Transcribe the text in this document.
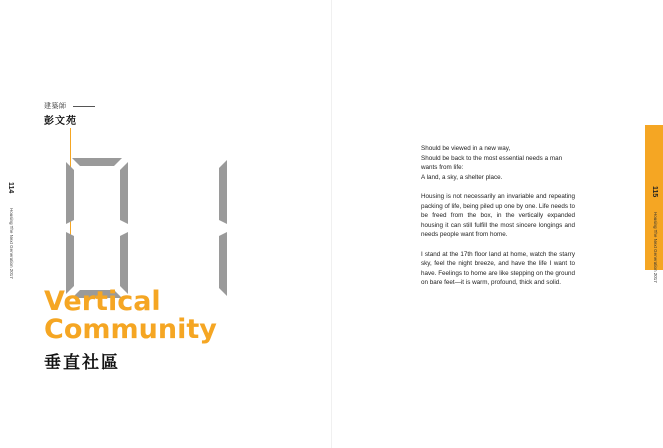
建築師
彭文苑
114
Housing The Next Generation 2017
Vertical
Community
垂直社區

Should be viewed in a new way,
Should be back to the most essential needs a man wants from life:
A land, a sky, a shelter place.

Housing is not necessarily an invariable and repeating packing of life, being piled up one by one. Life needs to be freed from the box, in the vertically expanded housing it can still fulfill the most sincere longings and needs people want from home.

I stand at the 17th floor land at home, watch the starry sky, feel the night breeze, and have the life I want to have. Feelings to home are like stepping on the ground on bare feet—it is warm, profound, thick and solid.

115
Housing The Next Generation 2017
